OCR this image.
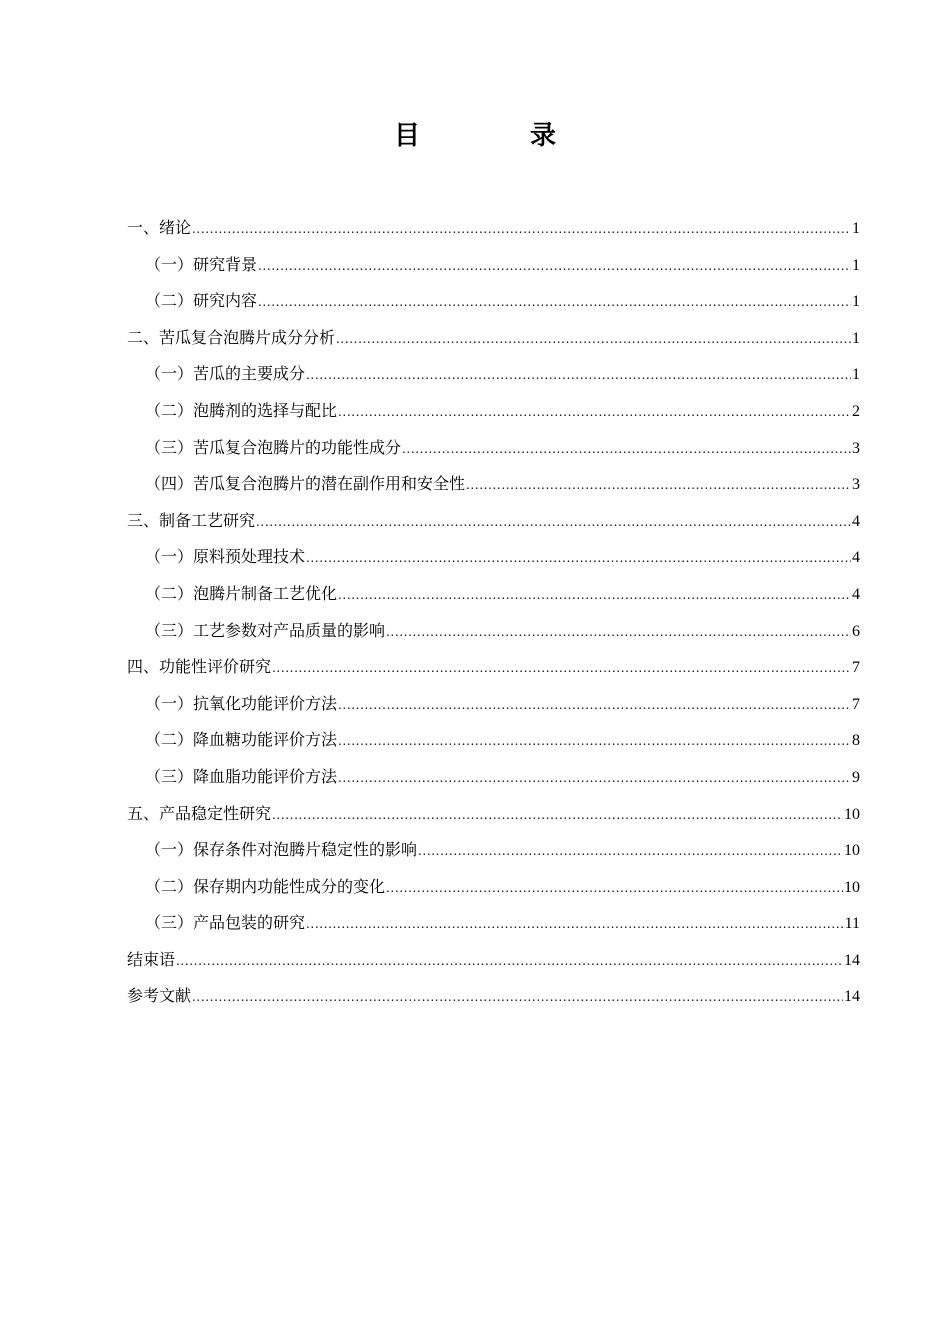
目　录
一、绪论 .....	1
（一）研究背景 .....	1
（二）研究内容 .....	1
二、苦瓜复合泡腾片成分分析 .....	1
（一）苦瓜的主要成分 .....	1
（二）泡腾剂的选择与配比 .....	2
（三）苦瓜复合泡腾片的功能性成分 .....	3
（四）苦瓜复合泡腾片的潜在副作用和安全性 .....	3
三、制备工艺研究 .....	4
（一）原料预处理技术 .....	4
（二）泡腾片制备工艺优化 .....	4
（三）工艺参数对产品质量的影响 .....	6
四、功能性评价研究 .....	7
（一）抗氧化功能评价方法 .....	7
（二）降血糖功能评价方法 .....	8
（三）降血脂功能评价方法 .....	9
五、产品稳定性研究 .....	10
（一）保存条件对泡腾片稳定性的影响 .....	10
（二）保存期内功能性成分的变化 .....	10
（三）产品包装的研究 .....	11
结束语 .....	14
参考文献 .....	14
